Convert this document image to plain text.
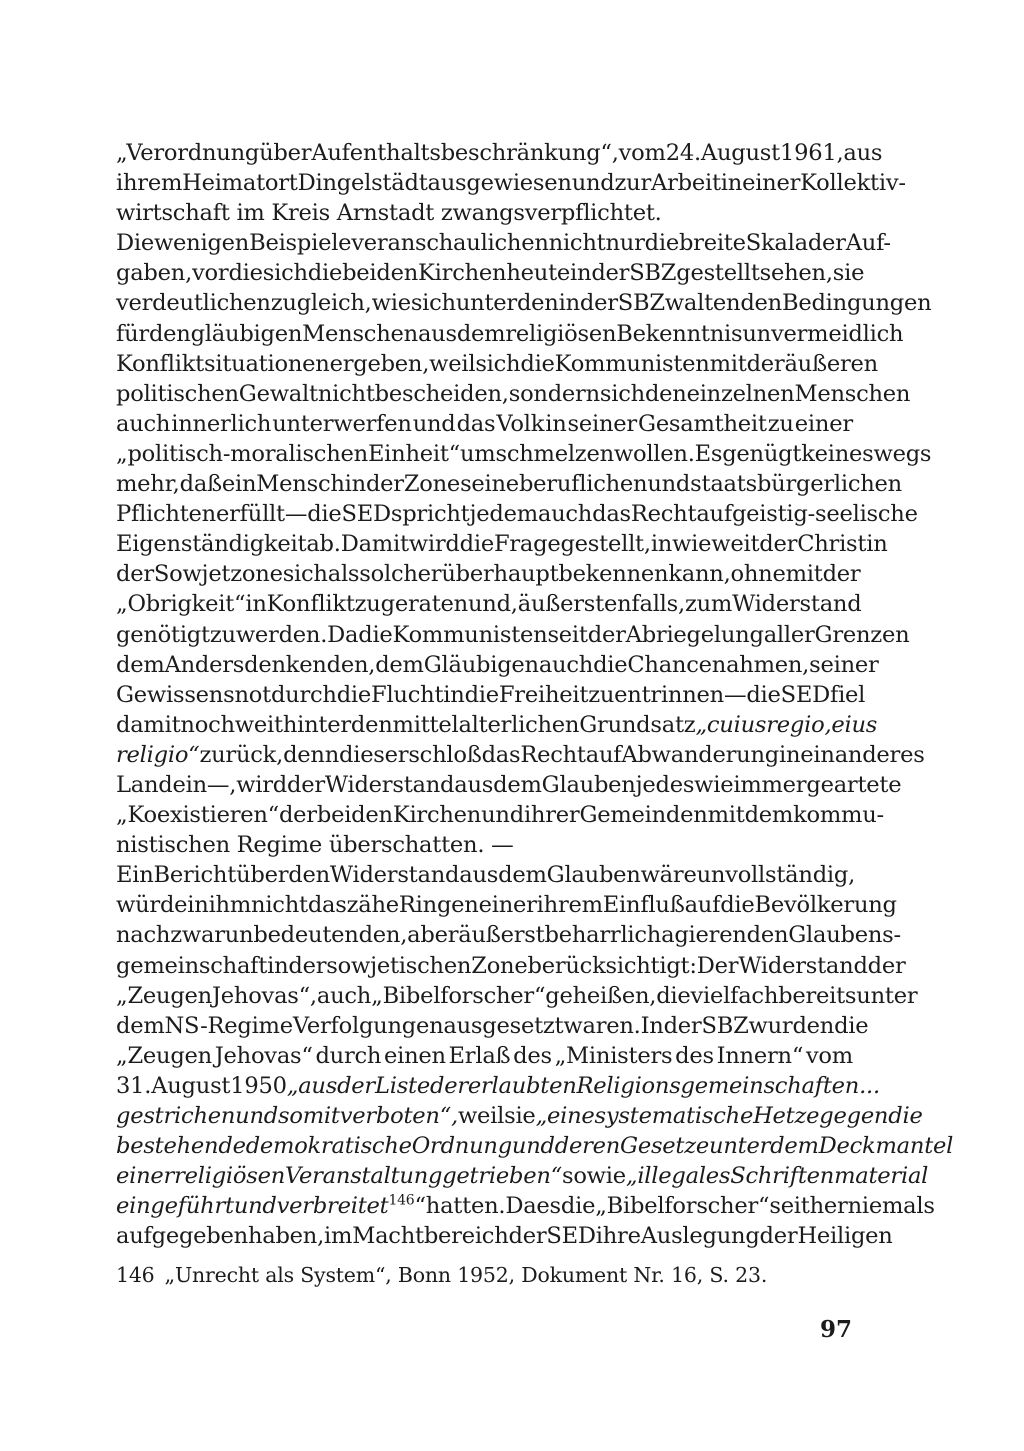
„Verordnung über Aufenthaltsbeschränkung“, vom 24. August 1961, aus
ihrem Heimatort Dingelstädt ausgewiesen und zur Arbeit in einer Kollektiv-
wirtschaft im Kreis Arnstadt zwangsverpflichtet.
Die wenigen Beispiele veranschaulichen nicht nur die breite Skala der Auf-
gaben, vor die sich die beiden Kirchen heute in der SBZ gestellt sehen, sie
verdeutlichen zugleich, wie sich unter den in der SBZ waltenden Bedingungen
für den gläubigen Menschen aus dem religiösen Bekenntnis unvermeidlich
Konfliktsituationen ergeben, weil sich die Kommunisten mit der äußeren
politischen Gewalt nicht bescheiden, sondern sich den einzelnen Menschen
auch innerlich unterwerfen und das Volk in seiner Gesamtheit zu einer
„politisch-moralischen Einheit“ umschmelzen wollen. Es genügt keineswegs
mehr, daß ein Mensch in der Zone seine beruflichen und staatsbürgerlichen
Pflichten erfüllt — die SED spricht jedem auch das Recht auf geistig-seelische
Eigenständigkeit ab. Damit wird die Frage gestellt, inwieweit der Christ in
der Sowjetzone sich als solcher überhaupt bekennen kann, ohne mit der
„Obrigkeit“ in Konflikt zu geraten und, äußerstenfalls, zum Widerstand
genötigt zu werden. Da die Kommunisten seit der Abriegelung aller Grenzen
dem Andersdenkenden, dem Gläubigen auch die Chance nahmen, seiner
Gewissensnot durch die Flucht in die Freiheit zu entrinnen — die SED fiel
damit noch weit hinter den mittelalterlichen Grundsatz „cuius regio, eius
religio“ zurück, denn dieser schloß das Recht auf Abwanderung in ein anderes
Land ein —, wird der Widerstand aus dem Glauben jedes wie immer geartete
„Koexistieren“ der beiden Kirchen und ihrer Gemeinden mit dem kommu-
nistischen Regime überschatten. —
Ein Bericht über den Widerstand aus dem Glauben wäre unvollständig,
würde in ihm nicht das zähe Ringen einer ihrem Einfluß auf die Bevölkerung
nach zwar unbedeutenden, aber äußerst beharrlich agierenden Glaubens-
gemeinschaft in der sowjetischen Zone berücksichtigt: Der Widerstand der
„Zeugen Jehovas“, auch „Bibelforscher“ geheißen, die vielfach bereits unter
dem NS-Regime Verfolgungen ausgesetzt waren. In der SBZ wurden die
„Zeugen Jehovas“ durch einen Erlaß des „Ministers des Innern“ vom
31. August 1950 „aus der Liste der erlaubten Religionsgemeinschaften ...
gestrichen und somit verboten“, weil sie „eine systematische Hetze gegen die
bestehende demokratische Ordnung und deren Gesetze unter dem Deckmantel
einer religiösen Veranstaltung getrieben“ sowie „illegales Schriftenmaterial
eingeführt und verbreitet$^{146}$“ hatten. Da es die „Bibelforscher“ seither niemals
aufgegeben haben, im Machtbereich der SED ihre Auslegung der Heiligen
146 „Unrecht als System“, Bonn 1952, Dokument Nr. 16, S. 23.
97
